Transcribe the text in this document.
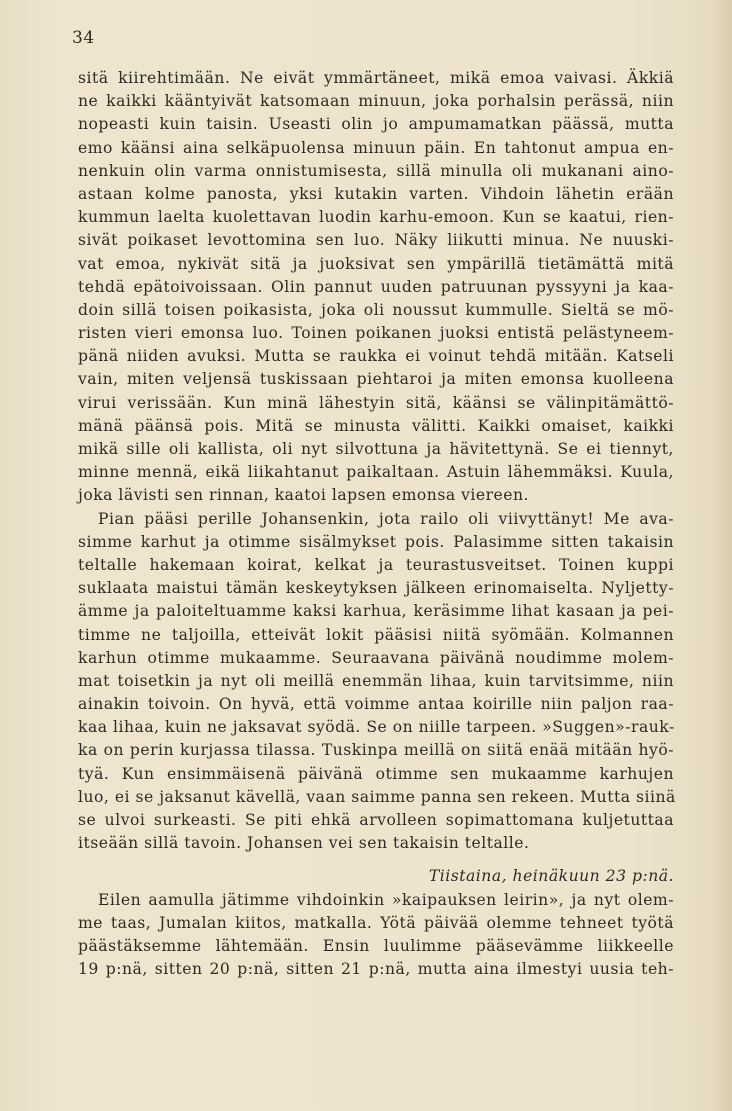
34
sitä kiirehtimään. Ne eivät ymmärtäneet, mikä emoa vaivasi. Äkkiä
ne kaikki kääntyivät katsomaan minuun, joka porhalsin perässä, niin
nopeasti kuin taisin. Useasti olin jo ampumamatkan päässä, mutta
emo käänsi aina selkäpuolensa minuun päin. En tahtonut ampua en-
nenkuin olin varma onnistumisesta, sillä minulla oli mukanani aino-
astaan kolme panosta, yksi kutakin varten. Vihdoin lähetin erään
kummun laelta kuolettavan luodin karhu-emoon. Kun se kaatui, rien-
sivät poikaset levottomina sen luo. Näky liikutti minua. Ne nuuski-
vat emoa, nykivät sitä ja juoksivat sen ympärillä tietämättä mitä
tehdä epätoivoissaan. Olin pannut uuden patruunan pyssyyni ja kaa-
doin sillä toisen poikasista, joka oli noussut kummulle. Sieltä se mö-
risten vieri emonsa luo. Toinen poikanen juoksi entistä pelästyneem-
pänä niiden avuksi. Mutta se raukka ei voinut tehdä mitään. Katseli
vain, miten veljensä tuskissaan piehtaroi ja miten emonsa kuolleena
virui verissään. Kun minä lähestyin sitä, käänsi se välinpitämättö-
mänä päänsä pois. Mitä se minusta välitti. Kaikki omaiset, kaikki
mikä sille oli kallista, oli nyt silvottuna ja hävitettynä. Se ei tiennyt,
minne mennä, eikä liikahtanut paikaltaan. Astuin lähemmäksi. Kuula,
joka lävisti sen rinnan, kaatoi lapsen emonsa viereen.
Pian pääsi perille Johansenkin, jota railo oli viivyttänyt! Me ava-
simme karhut ja otimme sisälmykset pois. Palasimme sitten takaisin
teltalle hakemaan koirat, kelkat ja teurastusveitset. Toinen kuppi
suklaata maistui tämän keskeytyksen jälkeen erinomaiselta. Nyljetty-
ämme ja paloiteltuamme kaksi karhua, keräsimme lihat kasaan ja pei-
timme ne taljoilla, etteivät lokit pääsisi niitä syömään. Kolmannen
karhun otimme mukaamme. Seuraavana päivänä noudimme molem-
mat toisetkin ja nyt oli meillä enemmän lihaa, kuin tarvitsimme, niin
ainakin toivoin. On hyvä, että voimme antaa koirille niin paljon raa-
kaa lihaa, kuin ne jaksavat syödä. Se on niille tarpeen. »Suggen»-rauk-
ka on perin kurjassa tilassa. Tuskinpa meillä on siitä enää mitään hyö-
tyä. Kun ensimmäisenä päivänä otimme sen mukaamme karhujen
luo, ei se jaksanut kävellä, vaan saimme panna sen rekeen. Mutta siinä
se ulvoi surkeasti. Se piti ehkä arvolleen sopimattomana kuljetuttaa
itseään sillä tavoin. Johansen vei sen takaisin teltalle.
Tiistaina, heinäkuun 23 p:nä.
Eilen aamulla jätimme vihdoinkin »kaipauksen leirin», ja nyt olem-
me taas, Jumalan kiitos, matkalla. Yötä päivää olemme tehneet työtä
päästäksemme lähtemään. Ensin luulimme pääsevämme liikkeelle
19 p:nä, sitten 20 p:nä, sitten 21 p:nä, mutta aina ilmestyi uusia teh-
